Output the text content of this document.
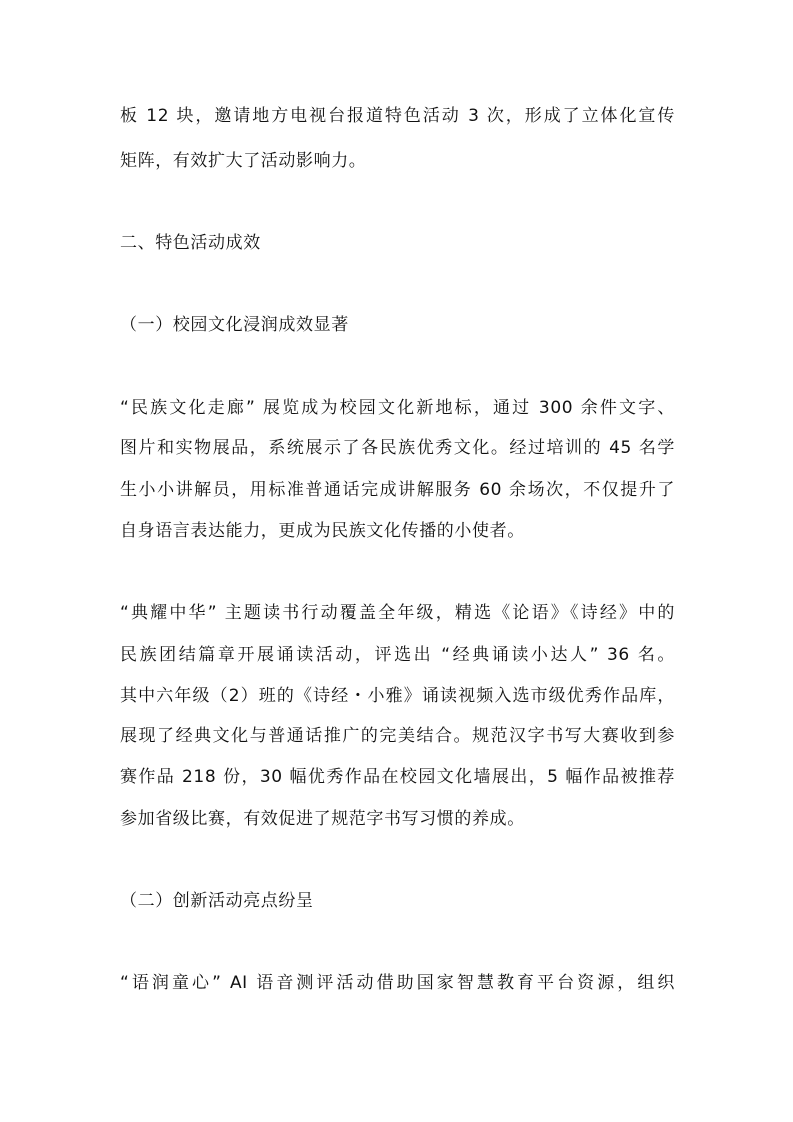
板 12 块，邀请地方电视台报道特色活动 3 次，形成了立体化宣传
矩阵，有效扩大了活动影响力。
二、特色活动成效
（一）校园文化浸润成效显著
“民族文化走廊” 展览成为校园文化新地标，通过 300 余件文字、
图片和实物展品，系统展示了各民族优秀文化。经过培训的 45 名学
生小小讲解员，用标准普通话完成讲解服务 60 余场次，不仅提升了
自身语言表达能力，更成为民族文化传播的小使者。
“典耀中华” 主题读书行动覆盖全年级，精选《论语》《诗经》中的
民族团结篇章开展诵读活动，评选出 “经典诵读小达人” 36 名。
其中六年级（2）班的《诗经・小雅》诵读视频入选市级优秀作品库，
展现了经典文化与普通话推广的完美结合。规范汉字书写大赛收到参
赛作品 218 份，30 幅优秀作品在校园文化墙展出，5 幅作品被推荐
参加省级比赛，有效促进了规范字书写习惯的养成。
（二）创新活动亮点纷呈
“语润童心” AI 语音测评活动借助国家智慧教育平台资源，组织
